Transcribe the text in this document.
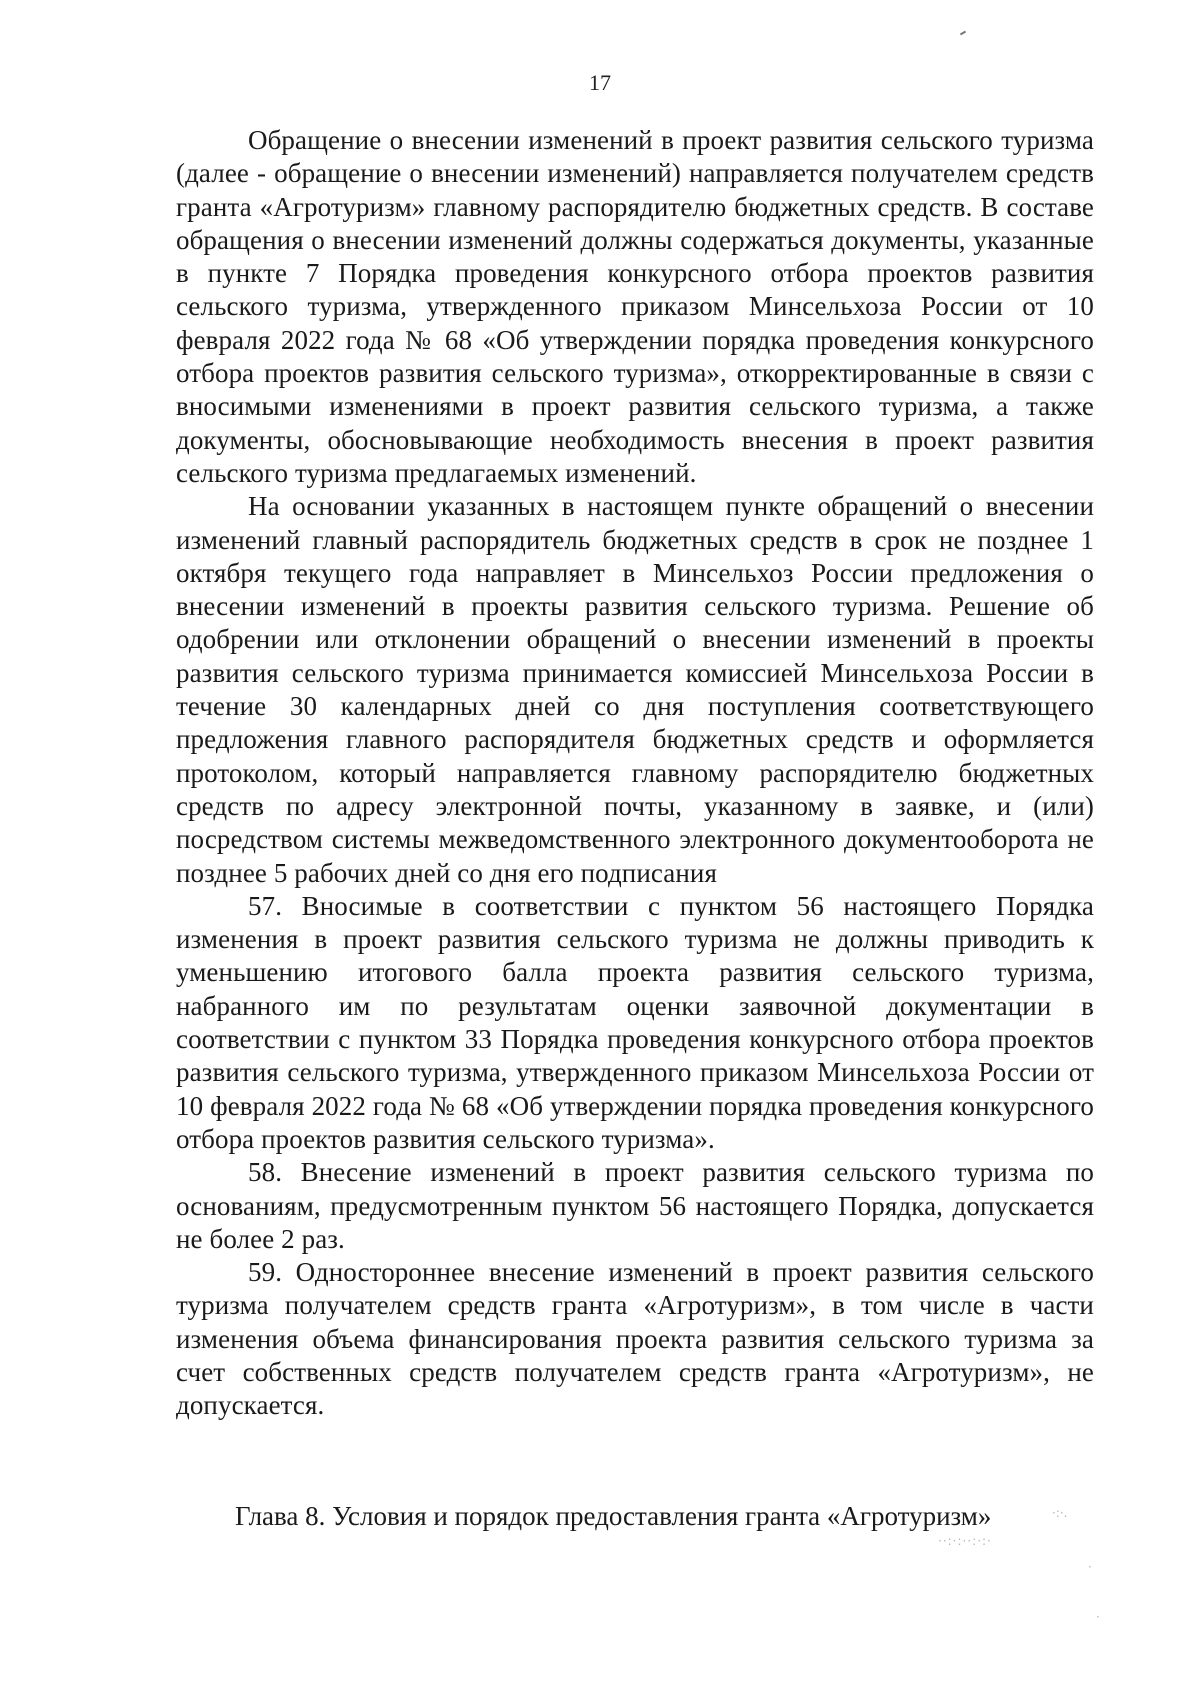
17

Обращение о внесении изменений в проект развития сельского туризма (далее - обращение о внесении изменений) направляется получателем средств гранта «Агротуризм» главному распорядителю бюджетных средств. В составе обращения о внесении изменений должны содержаться документы, указанные в пункте 7 Порядка проведения конкурсного отбора проектов развития сельского туризма, утвержденного приказом Минсельхоза России от 10 февраля 2022 года № 68 «Об утверждении порядка проведения конкурсного отбора проектов развития сельского туризма», откорректированные в связи с вносимыми изменениями в проект развития сельского туризма, а также документы, обосновывающие необходимость внесения в проект развития сельского туризма предлагаемых изменений.

На основании указанных в настоящем пункте обращений о внесении изменений главный распорядитель бюджетных средств в срок не позднее 1 октября текущего года направляет в Минсельхоз России предложения о внесении изменений в проекты развития сельского туризма. Решение об одобрении или отклонении обращений о внесении изменений в проекты развития сельского туризма принимается комиссией Минсельхоза России в течение 30 календарных дней со дня поступления соответствующего предложения главного распорядителя бюджетных средств и оформляется протоколом, который направляется главному распорядителю бюджетных средств по адресу электронной почты, указанному в заявке, и (или) посредством системы межведомственного электронного документооборота не позднее 5 рабочих дней со дня его подписания

57. Вносимые в соответствии с пунктом 56 настоящего Порядка изменения в проект развития сельского туризма не должны приводить к уменьшению итогового балла проекта развития сельского туризма, набранного им по результатам оценки заявочной документации в соответствии с пунктом 33 Порядка проведения конкурсного отбора проектов развития сельского туризма, утвержденного приказом Минсельхоза России от 10 февраля 2022 года № 68 «Об утверждении порядка проведения конкурсного отбора проектов развития сельского туризма».

58. Внесение изменений в проект развития сельского туризма по основаниям, предусмотренным пунктом 56 настоящего Порядка, допускается не более 2 раз.

59. Одностороннее внесение изменений в проект развития сельского туризма получателем средств гранта «Агротуризм», в том числе в части изменения объема финансирования проекта развития сельского туризма за счет собственных средств получателем средств гранта «Агротуризм», не допускается.

Глава 8. Условия и порядок предоставления гранта «Агротуризм»	·:·.
··:·:··:·:·
·
·
